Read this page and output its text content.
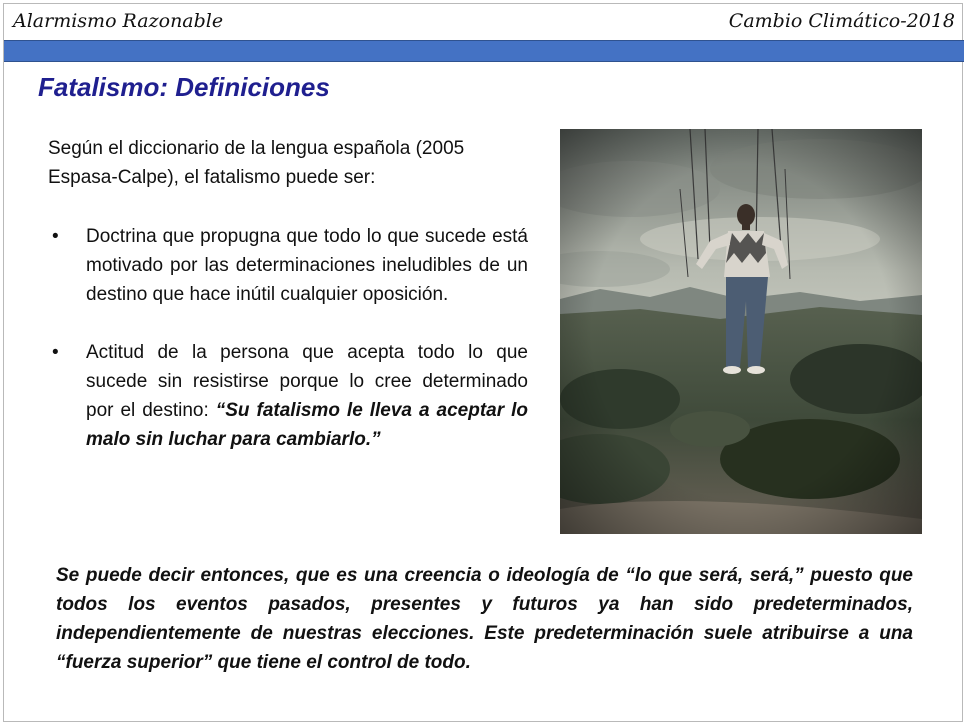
Alarmismo Razonable	Cambio Climático-2018
Fatalismo: Definiciones
Según el diccionario de la lengua española (2005 Espasa-Calpe), el fatalismo puede ser:
• Doctrina que propugna que todo lo que sucede está motivado por las determinaciones ineludibles de un destino que hace inútil cualquier oposición.
• Actitud de la persona que acepta todo lo que sucede sin resistirse porque lo cree determinado por el destino: “Su fatalismo le lleva a aceptar lo malo sin luchar para cambiarlo.”
Se puede decir entonces, que es una creencia o ideología de “lo que será, será,” puesto que todos los eventos pasados, presentes y futuros ya han sido predeterminados, independientemente de nuestras elecciones. Este predeterminación suele atribuirse a una “fuerza superior” que tiene el control de todo.
